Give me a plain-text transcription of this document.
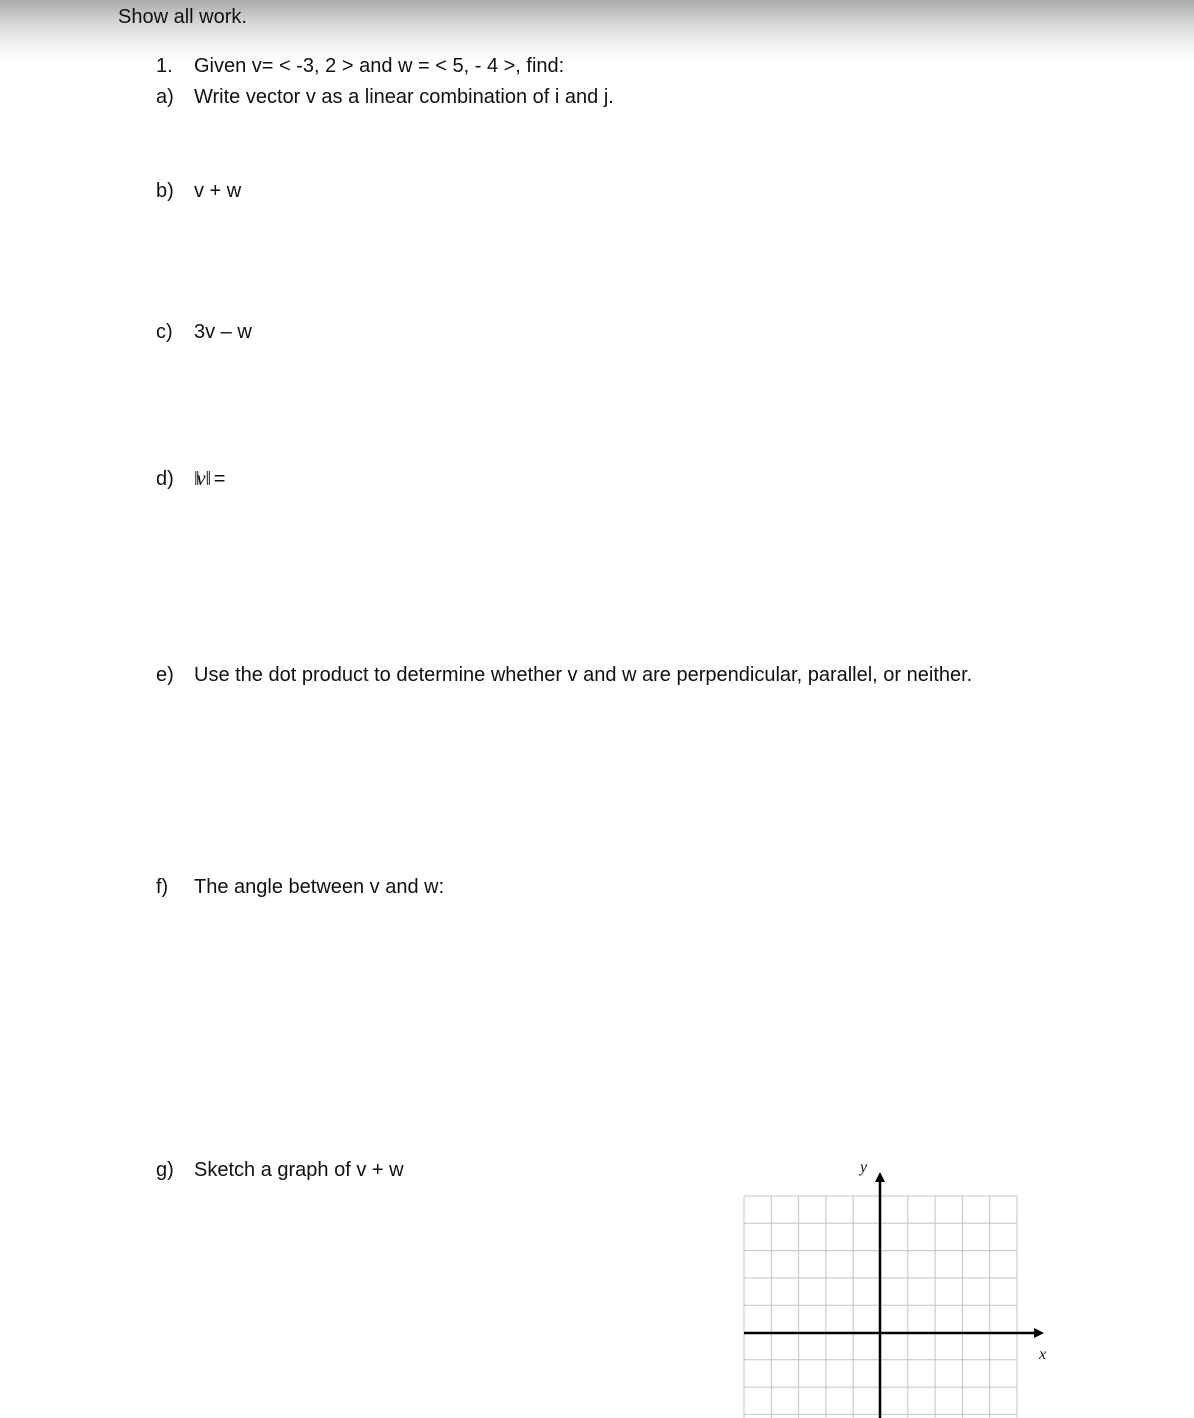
Show all work.
1. Given v= < -3, 2 > and w = < 5, - 4 >, find:
a) Write vector v as a linear combination of i and j.
b) v + w
c) 3v – w
d) ‖v‖ =
e) Use the dot product to determine whether v and w are perpendicular, parallel, or neither.
f) The angle between v and w:
g) Sketch a graph of v + w
x
y
